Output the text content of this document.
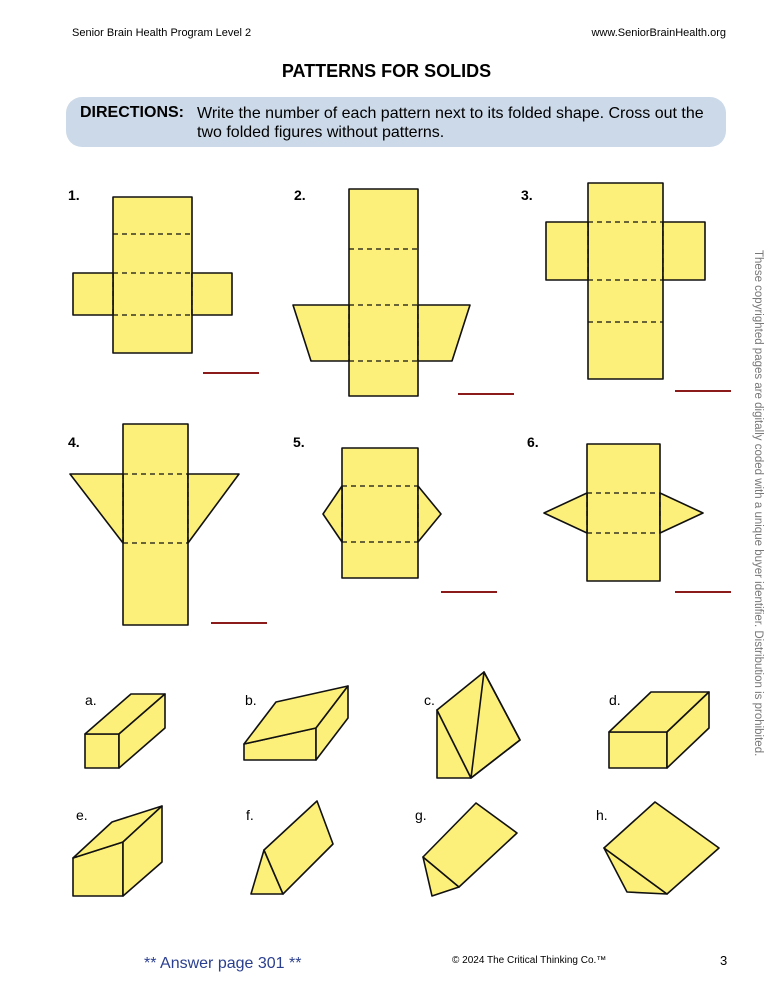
Senior Brain Health Program Level 2	www.SeniorBrainHealth.org
PATTERNS FOR SOLIDS
DIRECTIONS: Write the number of each pattern next to its folded shape. Cross out the two folded figures without patterns.
1.	2.	3.
4.	5.	6.
a.	b.	c.	d.
e.	f.	g.	h.
These copyrighted pages are digitally coded with a unique buyer identifier. Distribution is prohibited.
** Answer page 301 **	© 2024 The Critical Thinking Co.™	3
